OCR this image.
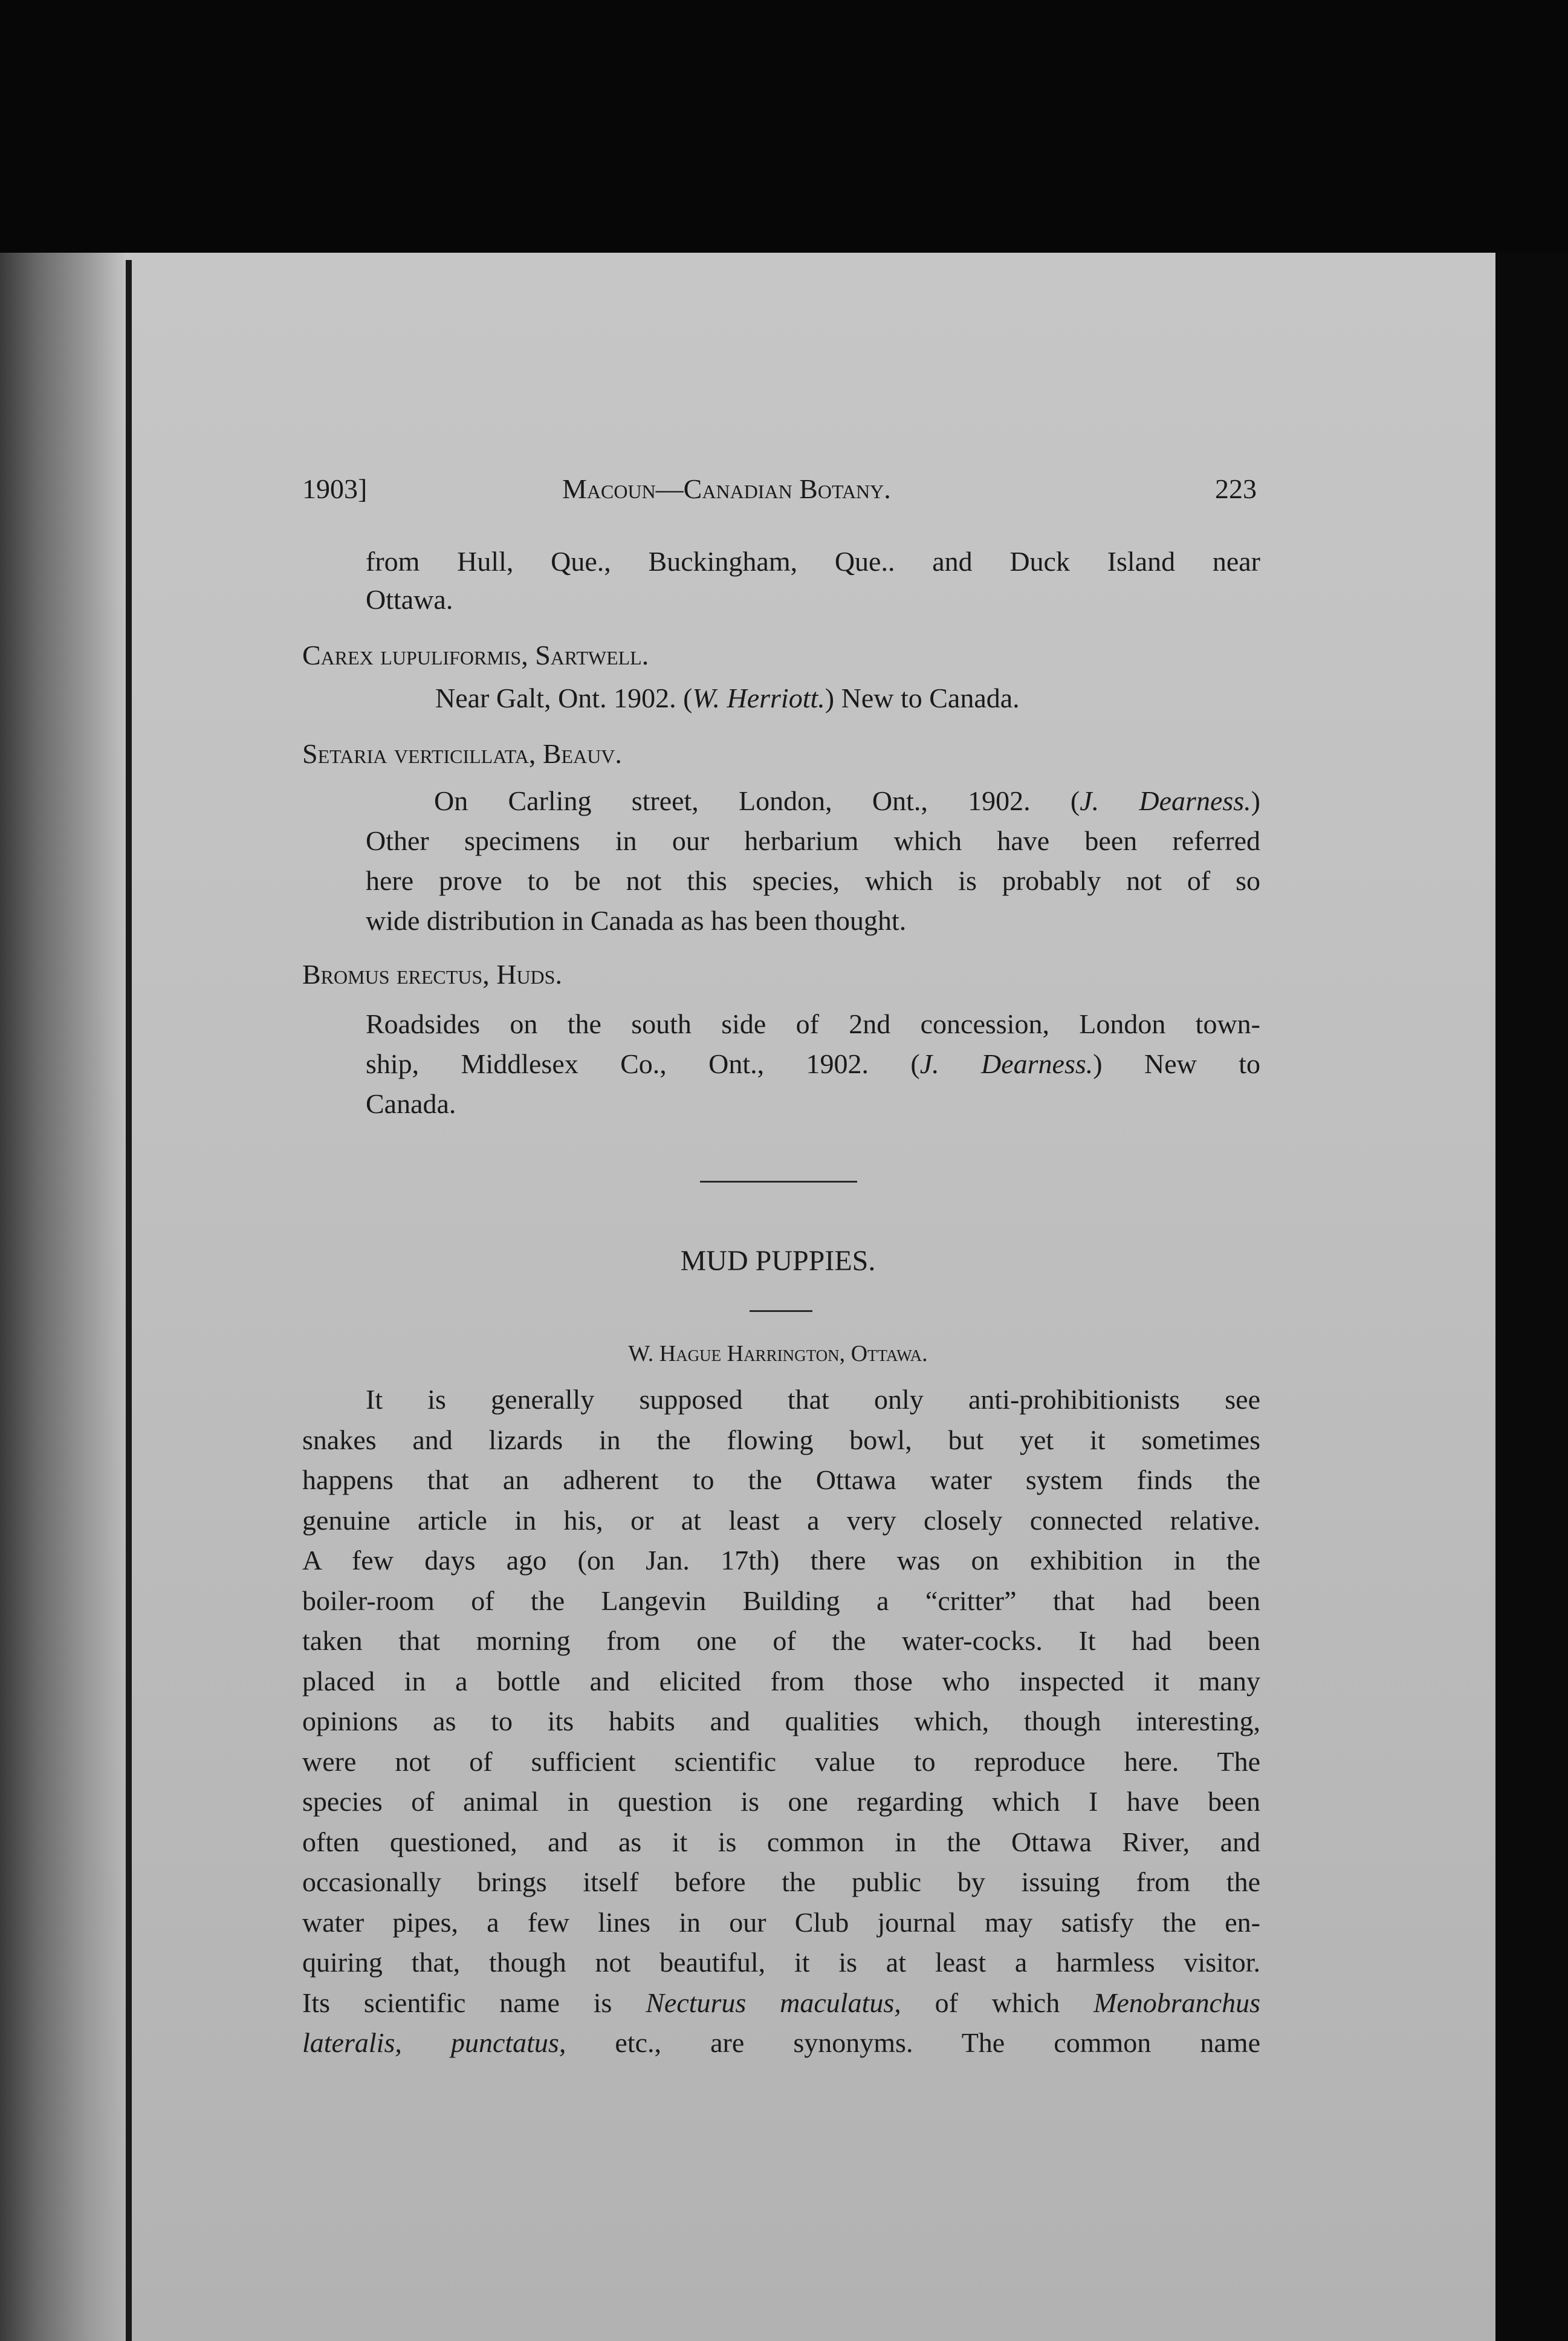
1903]	Macoun—Canadian Botany.	223
from Hull, Que., Buckingham, Que.. and Duck Island near
Ottawa.
Carex lupuliformis, Sartwell.
Near Galt, Ont. 1902. (W. Herriott.) New to Canada.
Setaria verticillata, Beauv.
On Carling street, London, Ont., 1902. (J. Dearness.)
Other specimens in our herbarium which have been referred
here prove to be not this species, which is probably not of so
wide distribution in Canada as has been thought.
Bromus erectus, Huds.
Roadsides on the south side of 2nd concession, London town-
ship, Middlesex Co., Ont., 1902. (J. Dearness.) New to
Canada.
MUD PUPPIES.
W. Hague Harrington, Ottawa.
It is generally supposed that only anti-prohibitionists see
snakes and lizards in the flowing bowl, but yet it sometimes
happens that an adherent to the Ottawa water system finds the
genuine article in his, or at least a very closely connected relative.
A few days ago (on Jan. 17th) there was on exhibition in the
boiler-room of the Langevin Building a “critter” that had been
taken that morning from one of the water-cocks. It had been
placed in a bottle and elicited from those who inspected it many
opinions as to its habits and qualities which, though interesting,
were not of sufficient scientific value to reproduce here. The
species of animal in question is one regarding which I have been
often questioned, and as it is common in the Ottawa River, and
occasionally brings itself before the public by issuing from the
water pipes, a few lines in our Club journal may satisfy the en-
quiring that, though not beautiful, it is at least a harmless visitor.
Its scientific name is Necturus maculatus, of which Menobranchus
lateralis, punctatus, etc., are synonyms. The common name
